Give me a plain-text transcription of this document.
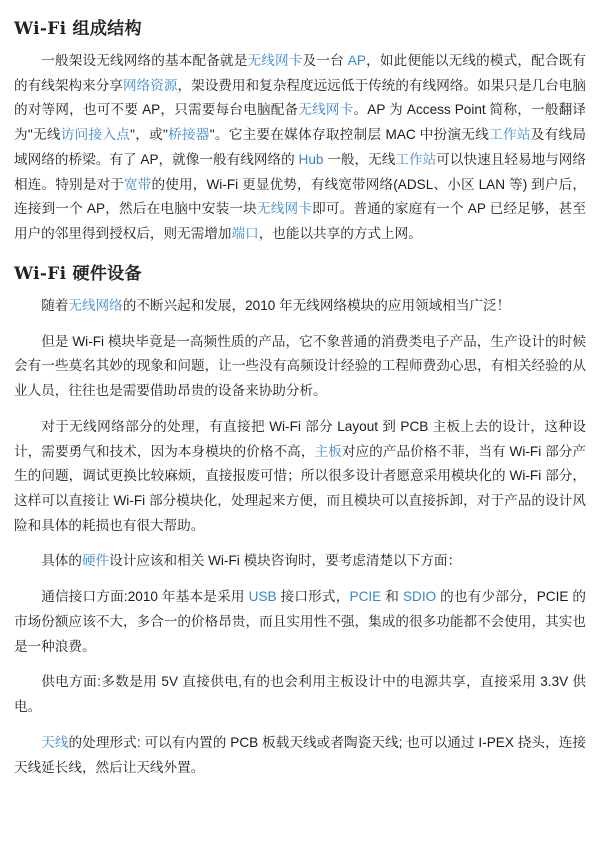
Wi-Fi 组成结构

一般架设无线网络的基本配备就是无线网卡及一台 AP，如此便能以无线的模式，配合既有的有线架构来分享网络资源，架设费用和复杂程度远远低于传统的有线网络。如果只是几台电脑的对等网，也可不要 AP，只需要每台电脑配备无线网卡。AP 为 Access Point 简称，一般翻译为"无线访问接入点"，或"桥接器"。它主要在媒体存取控制层 MAC 中扮演无线工作站及有线局域网络的桥梁。有了 AP，就像一般有线网络的 Hub 一般，无线工作站可以快速且轻易地与网络相连。特别是对于宽带的使用，Wi-Fi 更显优势，有线宽带网络(ADSL、小区 LAN 等) 到户后，连接到一个 AP，然后在电脑中安装一块无线网卡即可。普通的家庭有一个 AP 已经足够，甚至用户的邻里得到授权后，则无需增加端口，也能以共享的方式上网。

Wi-Fi 硬件设备

随着无线网络的不断兴起和发展，2010 年无线网络模块的应用领域相当广泛！

但是 Wi-Fi 模块毕竟是一高频性质的产品，它不象普通的消费类电子产品，生产设计的时候会有一些莫名其妙的现象和问题，让一些没有高频设计经验的工程师费劲心思，有相关经验的从业人员，往往也是需要借助昂贵的设备来协助分析。

对于无线网络部分的处理，有直接把 Wi-Fi 部分 Layout 到 PCB 主板上去的设计，这种设计，需要勇气和技术，因为本身模块的价格不高，主板对应的产品价格不菲，当有 Wi-Fi 部分产生的问题，调试更换比较麻烦，直接报废可惜；所以很多设计者愿意采用模块化的 Wi-Fi 部分，这样可以直接让 Wi-Fi 部分模块化，处理起来方便，而且模块可以直接拆卸，对于产品的设计风险和具体的耗损也有很大帮助。

具体的硬件设计应该和相关 Wi-Fi 模块咨询时，要考虑清楚以下方面：

通信接口方面:2010 年基本是采用 USB 接口形式，PCIE 和 SDIO 的也有少部分，PCIE 的市场份额应该不大，多合一的价格昂贵，而且实用性不强，集成的很多功能都不会使用，其实也是一种浪费。

供电方面:多数是用 5V 直接供电,有的也会利用主板设计中的电源共享，直接采用 3.3V 供电。

天线的处理形式: 可以有内置的 PCB 板载天线或者陶瓷天线; 也可以通过 I-PEX 挠头，连接天线延长线，然后让天线外置。
